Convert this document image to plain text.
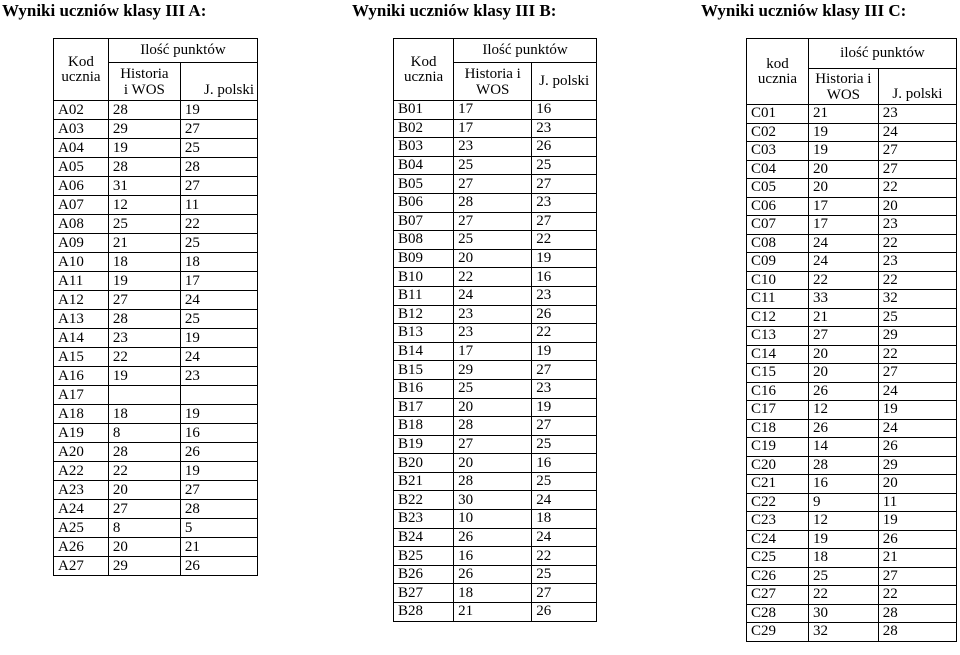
Wyniki uczniów klasy III A:	Wyniki uczniów klasy III B:	Wyniki uczniów klasy III C:
Kod ucznia	Ilość punktów	
	Historia i WOS	J. polski
A02	28	19
A03	29	27
A04	19	25
A05	28	28
A06	31	27
A07	12	11
A08	25	22
A09	21	25
A10	18	18
A11	19	17
A12	27	24
A13	28	25
A14	23	19
A15	22	24
A16	19	23
A17		
A18	18	19
A19	8	16
A20	28	26
A22	22	19
A23	20	27
A24	27	28
A25	8	5
A26	20	21
A27	29	26
Kod ucznia	Ilość punktów	
	Historia i WOS	J. polski
B01	17	16
B02	17	23
B03	23	26
B04	25	25
B05	27	27
B06	28	23
B07	27	27
B08	25	22
B09	20	19
B10	22	16
B11	24	23
B12	23	26
B13	23	22
B14	17	19
B15	29	27
B16	25	23
B17	20	19
B18	28	27
B19	27	25
B20	20	16
B21	28	25
B22	30	24
B23	10	18
B24	26	24
B25	16	22
B26	26	25
B27	18	27
B28	21	26
kod ucznia	ilość punktów	
	Historia i WOS	J. polski
C01	21	23
C02	19	24
C03	19	27
C04	20	27
C05	20	22
C06	17	20
C07	17	23
C08	24	22
C09	24	23
C10	22	22
C11	33	32
C12	21	25
C13	27	29
C14	20	22
C15	20	27
C16	26	24
C17	12	19
C18	26	24
C19	14	26
C20	28	29
C21	16	20
C22	9	11
C23	12	19
C24	19	26
C25	18	21
C26	25	27
C27	22	22
C28	30	28
C29	32	28
